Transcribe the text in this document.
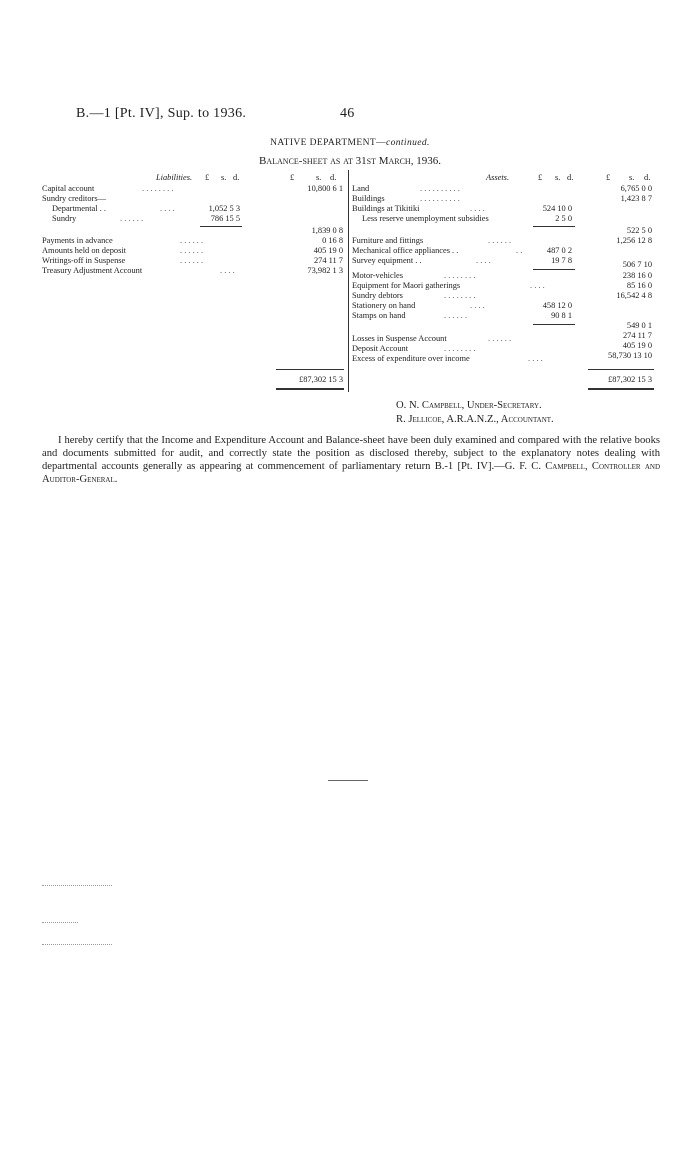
B.—1 [Pt. IV], Sup. to 1936.	46
NATIVE DEPARTMENT—continued.
Balance-sheet as at 31st March, 1936.
Liabilities. £ s. d.	£	s. d.
Capital account	. . . . . . . .	10,800 6 1
Sundry creditors—
Departmental . .	. . . .	1,052 5 3
Sundry	. . . . . .	786 15 5
1,839 0 8
Payments in advance	. . . . . .	0 16 8
Amounts held on deposit	. . . . . .	405 19 0
Writings-off in Suspense	. . . . . .	274 11 7
Treasury Adjustment Account	. . . .	73,982 1 3
£87,302 15 3
Assets.	£ s. d.	£ s. d.
Land	. . . . . . . . . .	6,765 0 0
Buildings	. . . . . . . . . .	1,423 8 7
Buildings at Tikitiki	. . . .	524 10 0
Less reserve unemployment subsidies	2 5 0
522 5 0
Furniture and fittings	. . . . . .	1,256 12 8
Mechanical office appliances . .	. .	487 0 2
Survey equipment . .	. . . .	19 7 8	506 7 10
Motor-vehicles	. . . . . . . .	238 16 0
Equipment for Maori gatherings	. . . .	85 16 0
Sundry debtors	. . . . . . . .	16,542 4 8
Stationery on hand	. . . .	458 12 0
Stamps on hand	. . . . . .	90 8 1
549 0 1
Losses in Suspense Account	. . . . . .	274 11 7
Deposit Account	. . . . . . . .	405 19 0
Excess of expenditure over income	. . . .	58,730 13 10
£87,302 15 3
O. N. Campbell, Under-Secretary.
R. Jellicoe, A.R.A.N.Z., Accountant.
I hereby certify that the Income and Expenditure Account and Balance-sheet have been duly examined and compared with the relative books and documents submitted for audit, and correctly state the position as disclosed thereby, subject to the explanatory notes dealing with departmental accounts generally as appearing at commencement of parliamentary return B.-1 [Pt. IV].—G. F. C. Campbell, Controller and Auditor-General.
